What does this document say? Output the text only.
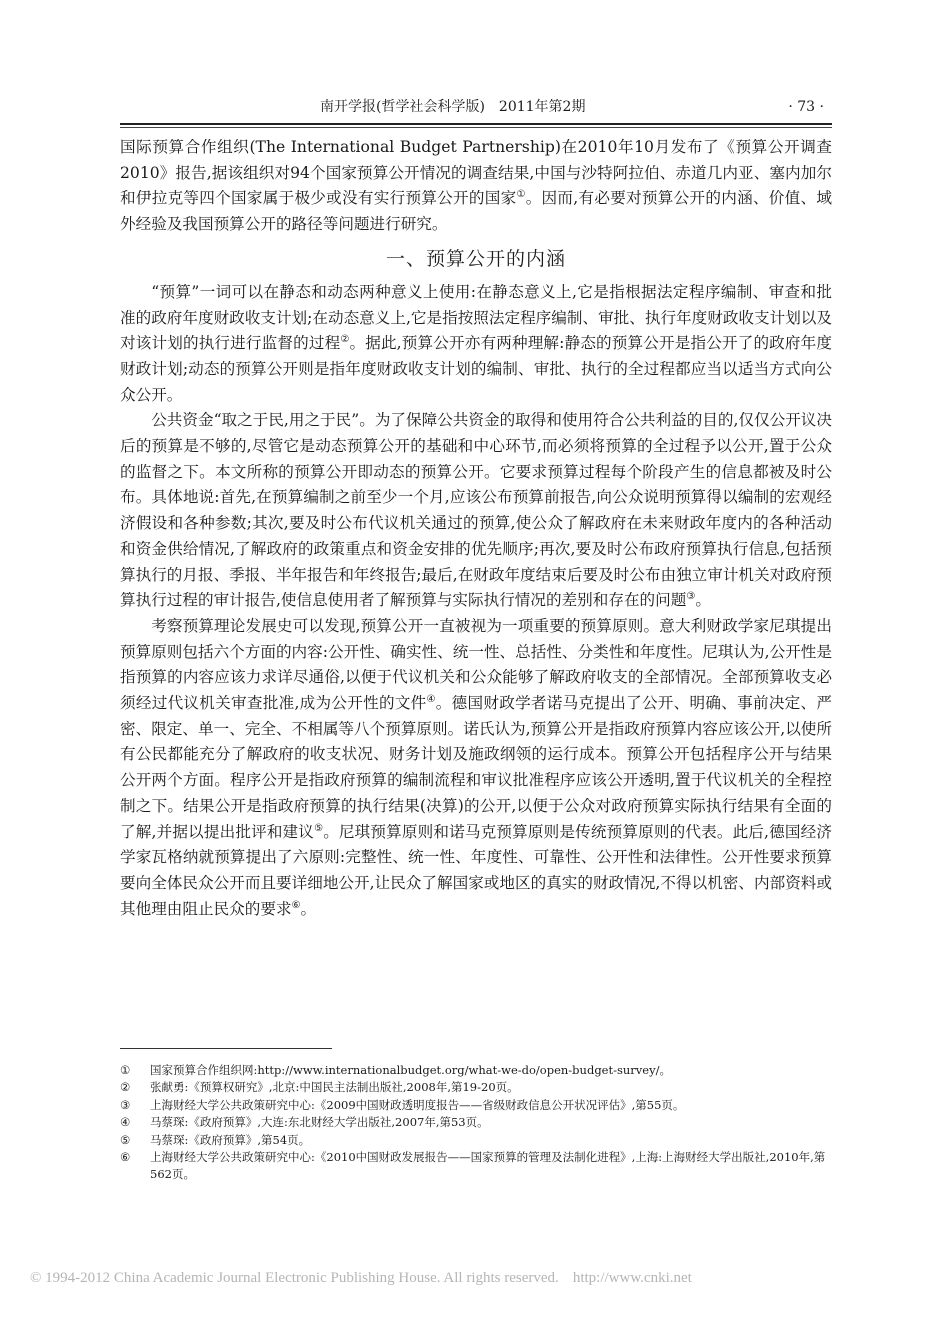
南开学报(哲学社会科学版)　2011年第2期	· 73 ·

国际预算合作组织(The International Budget Partnership)在2010年10月发布了《预算公开调查2010》报告,据该组织对94个国家预算公开情况的调查结果,中国与沙特阿拉伯、赤道几内亚、塞内加尔和伊拉克等四个国家属于极少或没有实行预算公开的国家①。因而,有必要对预算公开的内涵、价值、域外经验及我国预算公开的路径等问题进行研究。

一、预算公开的内涵

“预算”一词可以在静态和动态两种意义上使用:在静态意义上,它是指根据法定程序编制、审查和批准的政府年度财政收支计划;在动态意义上,它是指按照法定程序编制、审批、执行年度财政收支计划以及对该计划的执行进行监督的过程②。据此,预算公开亦有两种理解:静态的预算公开是指公开了的政府年度财政计划;动态的预算公开则是指年度财政收支计划的编制、审批、执行的全过程都应当以适当方式向公众公开。

公共资金“取之于民,用之于民”。为了保障公共资金的取得和使用符合公共利益的目的,仅仅公开议决后的预算是不够的,尽管它是动态预算公开的基础和中心环节,而必须将预算的全过程予以公开,置于公众的监督之下。本文所称的预算公开即动态的预算公开。它要求预算过程每个阶段产生的信息都被及时公布。具体地说:首先,在预算编制之前至少一个月,应该公布预算前报告,向公众说明预算得以编制的宏观经济假设和各种参数;其次,要及时公布代议机关通过的预算,使公众了解政府在未来财政年度内的各种活动和资金供给情况,了解政府的政策重点和资金安排的优先顺序;再次,要及时公布政府预算执行信息,包括预算执行的月报、季报、半年报告和年终报告;最后,在财政年度结束后要及时公布由独立审计机关对政府预算执行过程的审计报告,使信息使用者了解预算与实际执行情况的差别和存在的问题③。

考察预算理论发展史可以发现,预算公开一直被视为一项重要的预算原则。意大利财政学家尼琪提出预算原则包括六个方面的内容:公开性、确实性、统一性、总括性、分类性和年度性。尼琪认为,公开性是指预算的内容应该力求详尽通俗,以便于代议机关和公众能够了解政府收支的全部情况。全部预算收支必须经过代议机关审查批准,成为公开性的文件④。德国财政学者诺马克提出了公开、明确、事前决定、严密、限定、单一、完全、不相属等八个预算原则。诺氏认为,预算公开是指政府预算内容应该公开,以使所有公民都能充分了解政府的收支状况、财务计划及施政纲领的运行成本。预算公开包括程序公开与结果公开两个方面。程序公开是指政府预算的编制流程和审议批准程序应该公开透明,置于代议机关的全程控制之下。结果公开是指政府预算的执行结果(决算)的公开,以便于公众对政府预算实际执行结果有全面的了解,并据以提出批评和建议⑤。尼琪预算原则和诺马克预算原则是传统预算原则的代表。此后,德国经济学家瓦格纳就预算提出了六原则:完整性、统一性、年度性、可靠性、公开性和法律性。公开性要求预算要向全体民众公开而且要详细地公开,让民众了解国家或地区的真实的财政情况,不得以机密、内部资料或其他理由阻止民众的要求⑥。

①	国家预算合作组织网:http://www.internationalbudget.org/what-we-do/open-budget-survey/。
②	张献勇:《预算权研究》,北京:中国民主法制出版社,2008年,第19-20页。
③	上海财经大学公共政策研究中心:《2009中国财政透明度报告——省级财政信息公开状况评估》,第55页。
④	马蔡琛:《政府预算》,大连:东北财经大学出版社,2007年,第53页。
⑤	马蔡琛:《政府预算》,第54页。
⑥	上海财经大学公共政策研究中心:《2010中国财政发展报告——国家预算的管理及法制化进程》,上海:上海财经大学出版社,2010年,第562页。
© 1994-2012 China Academic Journal Electronic Publishing House. All rights reserved. http://www.cnki.net
